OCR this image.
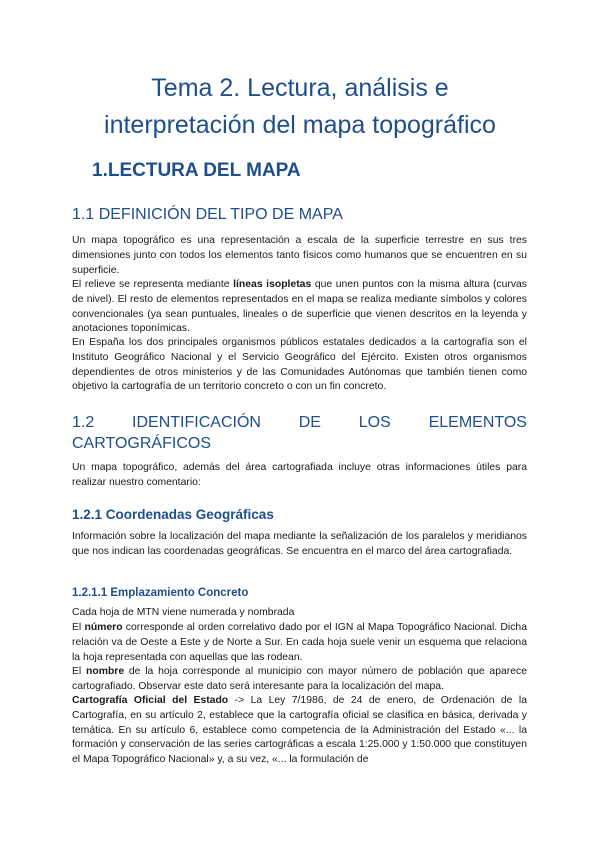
Tema 2. Lectura, análisis e
interpretación del mapa topográfico
1.LECTURA DEL MAPA
1.1 DEFINICIÓN DEL TIPO DE MAPA

Un mapa topográfico es una representación a escala de la superficie terrestre en sus tres dimensiones junto con todos los elementos tanto físicos como humanos que se encuentren en su superficie.

El relieve se representa mediante líneas isopletas que unen puntos con la misma altura (curvas de nivel). El resto de elementos representados en el mapa se realiza mediante símbolos y colores convencionales (ya sean puntuales, lineales o de superficie que vienen descritos en la leyenda y anotaciones toponímicas.

En España los dos principales organismos públicos estatales dedicados a la cartografía son el Instituto Geográfico Nacional y el Servicio Geográfico del Ejército. Existen otros organismos dependientes de otros ministerios y de las Comunidades Autónomas que también tienen como objetivo la cartografía de un territorio concreto o con un fin concreto.

1.2 IDENTIFICACIÓN DE LOS ELEMENTOS
CARTOGRÁFICOS

Un mapa topográfico, además del área cartografiada incluye otras informaciones útiles para realizar nuestro comentario:

1.2.1 Coordenadas Geográficas

Información sobre la localización del mapa mediante la señalización de los paralelos y meridianos que nos indican las coordenadas geográficas. Se encuentra en el marco del área cartografiada.

1.2.1.1 Emplazamiento Concreto

Cada hoja de MTN viene numerada y nombrada

El número corresponde al orden correlativo dado por el IGN al Mapa Topográfico Nacional. Dicha relación va de Oeste a Este y de Norte a Sur. En cada hoja suele venir un esquema que relaciona la hoja representada con aquellas que las rodean.

El nombre de la hoja corresponde al municipio con mayor número de población que aparece cartografiado. Observar este dato será interesante para la localización del mapa.

Cartografía Oficial del Estado -> La Ley 7/1986, de 24 de enero, de Ordenación de la Cartografía, en su artículo 2, establece que la cartografía oficial se clasifica en básica, derivada y temática. En su artículo 6, establece como competencia de la Administración del Estado «... la formación y conservación de las series cartográficas a escala 1:25.000 y 1:50.000 que constituyen el Mapa Topográfico Nacional» y, a su vez, «... la formulación de
